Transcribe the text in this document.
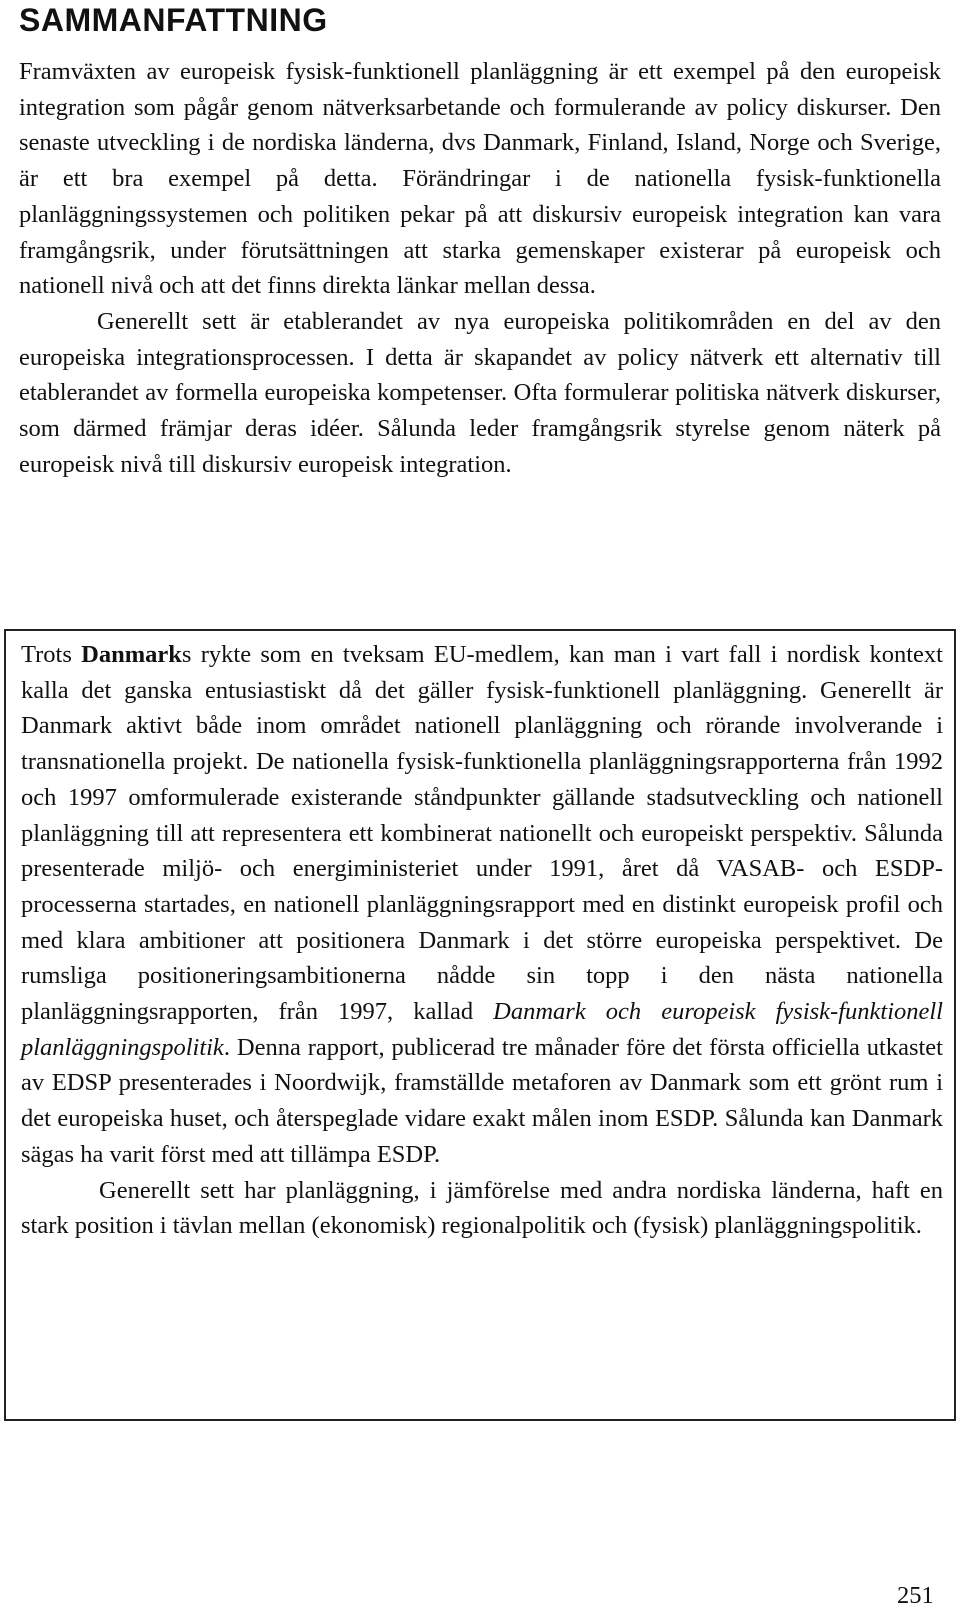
SAMMANFATTNING

Framväxten av europeisk fysisk-funktionell planläggning är ett exempel på den europeisk integration som pågår genom nätverksarbetande och formulerande av policy diskurser. Den senaste utveckling i de nordiska länderna, dvs Danmark, Finland, Island, Norge och Sverige, är ett bra exempel på detta. Förändringar i de nationella fysisk-funktionella planläggningssystemen och politiken pekar på att diskursiv europeisk integration kan vara framgångsrik, under förutsättningen att starka gemenskaper existerar på europeisk och nationell nivå och att det finns direkta länkar mellan dessa.

Generellt sett är etablerandet av nya europeiska politikområden en del av den europeiska integrationsprocessen. I detta är skapandet av policy nätverk ett alternativ till etablerandet av formella europeiska kompetenser. Ofta formulerar politiska nätverk diskurser, som därmed främjar deras idéer. Sålunda leder framgångsrik styrelse genom näterk på europeisk nivå till diskursiv europeisk integration.

Trots Danmarks rykte som en tveksam EU-medlem, kan man i vart fall i nordisk kontext kalla det ganska entusiastiskt då det gäller fysisk-funktionell planläggning. Generellt är Danmark aktivt både inom området nationell planläggning och rörande involverande i transnationella projekt. De nationella fysisk-funktionella planläggningsrapporterna från 1992 och 1997 omformulerade existerande ståndpunkter gällande stadsutveckling och nationell planläggning till att representera ett kombinerat nationellt och europeiskt perspektiv. Sålunda presenterade miljö- och energiministeriet under 1991, året då VASAB- och ESDP-processerna startades, en nationell planläggningsrapport med en distinkt europeisk profil och med klara ambitioner att positionera Danmark i det större europeiska perspektivet. De rumsliga positioneringsambitionerna nådde sin topp i den nästa nationella planläggningsrapporten, från 1997, kallad Danmark och europeisk fysisk-funktionell planläggningspolitik. Denna rapport, publicerad tre månader före det första officiella utkastet av EDSP presenterades i Noordwijk, framställde metaforen av Danmark som ett grönt rum i det europeiska huset, och återspeglade vidare exakt målen inom ESDP. Sålunda kan Danmark sägas ha varit först med att tillämpa ESDP.

Generellt sett har planläggning, i jämförelse med andra nordiska länderna, haft en stark position i tävlan mellan (ekonomisk) regionalpolitik och (fysisk) planläggningspolitik.

251
